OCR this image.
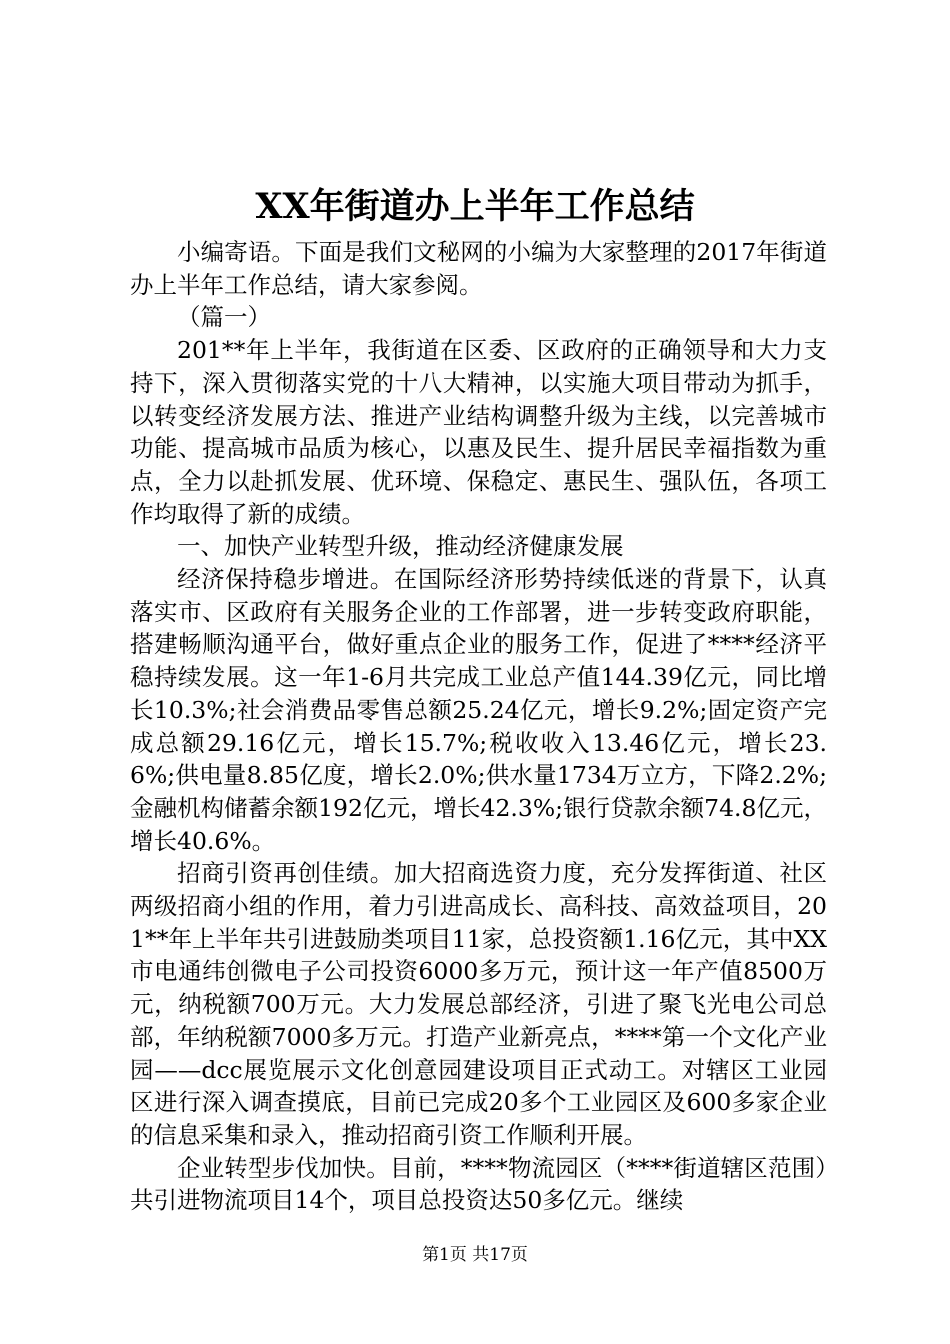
XX年街道办上半年工作总结

小编寄语。下面是我们文秘网的小编为大家整理的2017年街道办上半年工作总结，请大家参阅。

（篇一）

201**年上半年，我街道在区委、区政府的正确领导和大力支持下，深入贯彻落实党的十八大精神，以实施大项目带动为抓手，以转变经济发展方法、推进产业结构调整升级为主线，以完善城市功能、提高城市品质为核心，以惠及民生、提升居民幸福指数为重点，全力以赴抓发展、优环境、保稳定、惠民生、强队伍，各项工作均取得了新的成绩。

一、加快产业转型升级，推动经济健康发展

经济保持稳步增进。在国际经济形势持续低迷的背景下，认真落实市、区政府有关服务企业的工作部署，进一步转变政府职能，搭建畅顺沟通平台，做好重点企业的服务工作，促进了****经济平稳持续发展。这一年1-6月共完成工业总产值144.39亿元，同比增长10.3%;社会消费品零售总额25.24亿元，增长9.2%;固定资产完成总额29.16亿元，增长15.7%;税收收入13.46亿元，增长23.6%;供电量8.85亿度，增长2.0%;供水量1734万立方，下降2.2%;金融机构储蓄余额192亿元，增长42.3%;银行贷款余额74.8亿元，增长40.6%。

招商引资再创佳绩。加大招商选资力度，充分发挥街道、社区两级招商小组的作用，着力引进高成长、高科技、高效益项目，201**年上半年共引进鼓励类项目11家，总投资额1.16亿元，其中XX市电通纬创微电子公司投资6000多万元，预计这一年产值8500万元，纳税额700万元。大力发展总部经济，引进了聚飞光电公司总部，年纳税额7000多万元。打造产业新亮点，****第一个文化产业园——dcc展览展示文化创意园建设项目正式动工。对辖区工业园区进行深入调查摸底，目前已完成20多个工业园区及600多家企业的信息采集和录入，推动招商引资工作顺利开展。

企业转型步伐加快。目前，****物流园区（****街道辖区范围）共引进物流项目14个，项目总投资达50多亿元。继续

第1页 共17页
